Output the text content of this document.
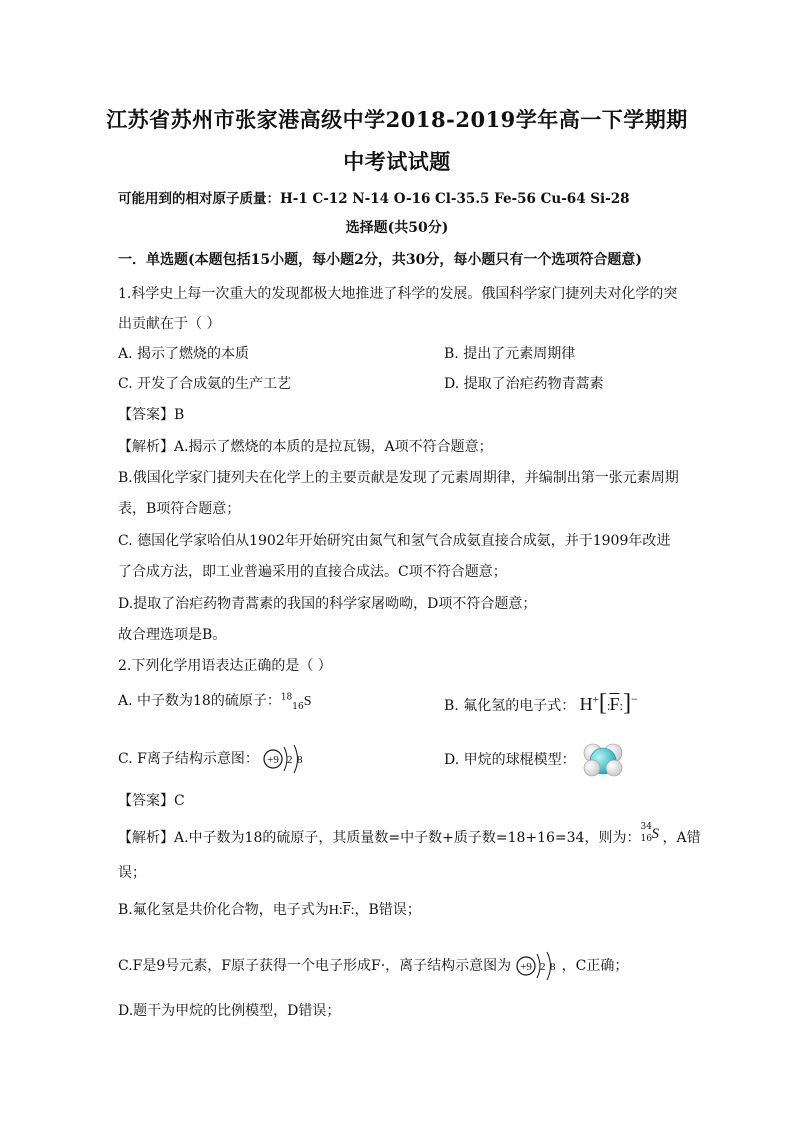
江苏省苏州市张家港高级中学2018-2019学年高一下学期期
中考试试题
可能用到的相对原子质量：H-1 C-12 N-14 O-16 Cl-35.5 Fe-56 Cu-64 Si-28
选择题(共50分)
一．单选题(本题包括15小题，每小题2分，共30分，每小题只有一个选项符合题意)
1.科学史上每一次重大的发现都极大地推进了科学的发展。俄国科学家门捷列夫对化学的突
出贡献在于（ ）
A. 揭示了燃烧的本质	B. 提出了元素周期律
C. 开发了合成氨的生产工艺	D. 提取了治疟药物青蒿素
【答案】B
【解析】A.揭示了燃烧的本质的是拉瓦锡，A项不符合题意；
B.俄国化学家门捷列夫在化学上的主要贡献是发现了元素周期律，并编制出第一张元素周期
表，B项符合题意；
C. 德国化学家哈伯从1902年开始研究由氮气和氢气合成氨直接合成氨，并于1909年改进
了合成方法，即工业普遍采用的直接合成法。C项不符合题意；
D.提取了治疟药物青蒿素的我国的科学家屠呦呦，D项不符合题意；
故合理选项是B。
2.下列化学用语表达正确的是（ ）
A. 中子数为18的硫原子：$^{18}_{16}$S	B. 氟化氢的电子式： $H^+[:\overline{F}:]^-$
C. F离子结构示意图： +9 2 8	D. 甲烷的球棍模型：
【答案】C
【解析】A.中子数为18的硫原子，其质量数=中子数+质子数=18+16=34，则为：
34
16 S ，A错
误；
B.氟化氢是共价化合物，电子式为$H:\overline{F}$:，B错误；
C.F是9号元素，F原子获得一个电子形成F·，离子结构示意图为 +9 2 8 ，C正确；
D.题干为甲烷的比例模型，D错误；
